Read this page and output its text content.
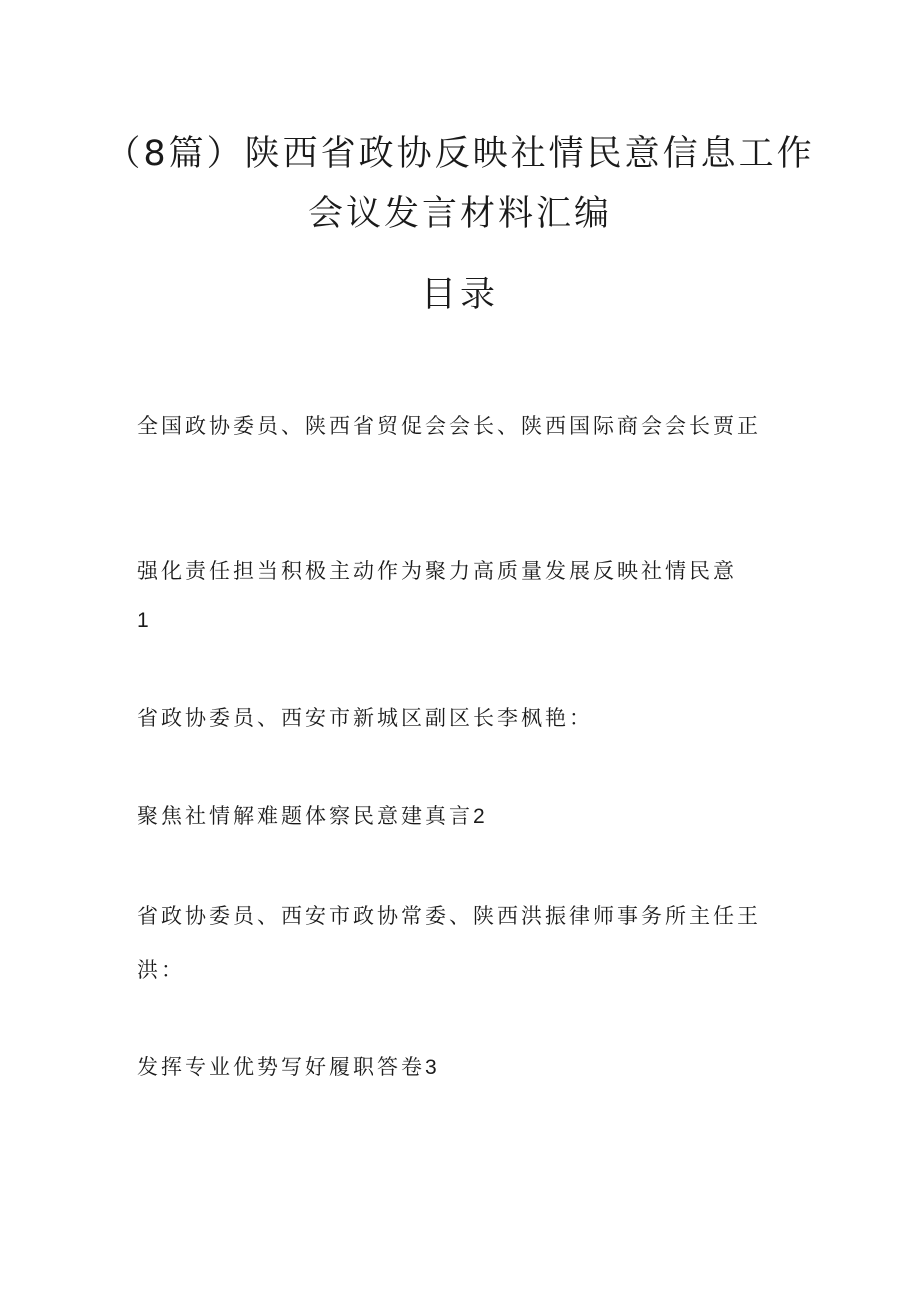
（8篇）陕西省政协反映社情民意信息工作
会议发言材料汇编
目录
全国政协委员、陕西省贸促会会长、陕西国际商会会长贾正
强化责任担当积极主动作为聚力高质量发展反映社情民意
1
省政协委员、西安市新城区副区长李枫艳：
聚焦社情解难题体察民意建真言2
省政协委员、西安市政协常委、陕西洪振律师事务所主任王
洪：
发挥专业优势写好履职答卷3
